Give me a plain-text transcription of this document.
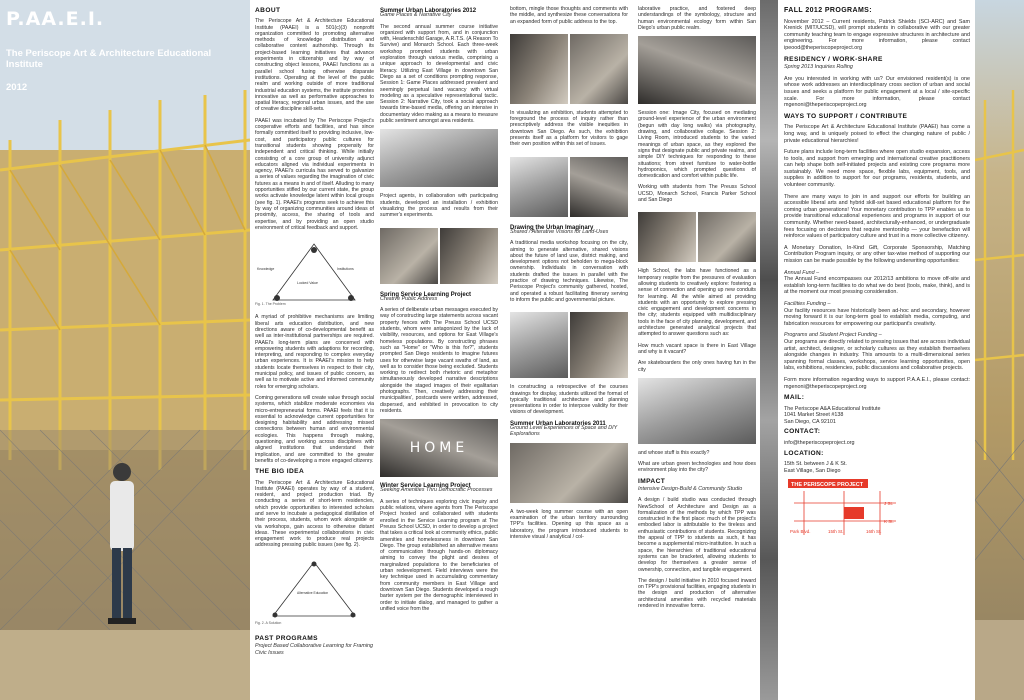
P.AA.E.I.
The Periscope Art & Architecture Educational Institute
2012
ABOUT

The Periscope Art & Architecture Educational Institute (PAAEI) is a 501(c)(3) nonprofit organization committed to promoting alternative methods of knowledge distribution and collaborative content authorship. Through its project-based learning initiatives that advance experiments in citizenship and by way of constructing object lessons, PAAEI functions as a parallel school fusing otherwise disparate institutions. Operating at the level of the public realm and working outside of more traditional industrial education systems, the institute promotes innovative as well as performative approaches to spatial literacy, regional urban issues, and the use of creative discipline skill-sets.

PAAEI was incubated by The Periscope Project's cooperative efforts and facilities, and has since formally committed itself to providing inclusive, low-cost, and participatory public cultures for transitional students showing propensity for independent and critical thinking. While initially consisting of a core group of university adjunct educators aligned via individual experiments in agency, PAAEI's curricula has served to galvanize a series of values regarding the imagination of civic futures as a means in and of itself. Alluding to many opportunities stifled by our current state, the group works activate knowledge latent within local groups (see fig. 1). PAAEI's programs seek to achieve this by way of organizing communities around ideas of proximity, access, the sharing of tools and expertise, and by providing an open studio environment of critical feedback and support.

Knowledge	Institutions
Locked Value
Fig. 1. The Problem

A myriad of prohibitive mechanisms are limiting liberal arts education distribution, and new directions aware of co-developmental benefit as well as inter-institutional partnerships are required. PAAEI's long-term plans are concerned with empowering students with adaptions for recording, interpreting, and responding to complex everyday urban experiences. It is PAAEI's mission to help students locate themselves in respect to their city, municipal policy, and issues of public concern, as well as to motivate active and informed community roles for emerging scholars.

Coming generations will create value through social systems, which stabilize moderate economies via micro-entrepreneurial forms. PAAEI feels that it is essential to acknowledge current opportunities for designing habitability and addressing missed connections between human and environmental ecologies. This happens through making, questioning, and working across disciplines with aligned institutions that understand their implication, and are committed to the greater benefits of co-developing a more engaged citizenry.

THE BIG IDEA

The Periscope Art & Architecture Educational Institute (PAAEI) operates by way of a student, resident, and project production triad. By conducting a series of short-term residencies, which provide opportunities to interested scholars and serve to incubate a pedagogical distillation of their process, students, whom work alongside or via workshops, gain access to otherwise distant ideas. These experimental collaborations in civic engagement work to produce real projects addressing pressing public issues (see fig. 2).

Alternative Education
Fig. 2. A Solution
PAST PROGRAMS
Project Based Collaborative Learning for Framing Civic Issues
Summer Urban Laboratories 2012
Game Places & Narrative City

The second annual summer course initiative organized with support from, and in conjunction with, Headenschild Garage, A.R.T.S. (A Reason To Survive) and Monarch School. Each three-week workshop prompted students with urban exploration through various media, comprising a unique approach to developmental and civic literacy. Utilizing East Village in downtown San Diego as a set of conditions prompting response, Session 1: Game Places addressed prevalent and seemingly perpetual land vacancy with virtual modeling as a speculative representational tactic. Session 2: Narrative City, took a social approach towards time-based media, offering an intensive in documentary video making as a means to measure public sentiment amongst area residents.

Project agents, in collaboration with participating students, developed an installation / exhibition visualizing the process and results from their summer's experiments.

Spring Service Learning Project
Creative Public Address

A series of deliberate urban messages executed by way of constructing large statements across vacant property fences with The Preuss School UCSD students, whom were antagonized by the lack of visibility, resources, and options for East Village's homeless populations. By constructing phrases such as "Home" or "Who is this for?", students prompted San Diego residents to imagine futures uses for otherwise large vacant swaths of land, as well as to consider those being excluded. Students working to redirect both rhetoric and metaphor simultaneously developed narrative descriptions alongside the staged images of their egalitarian photographs. Then, creatively addressing their municipalities', postcards were written, addressed, dispersed, and exhibited in provocation to city residents.

HOME
Winter Service Learning Project
Seeking Amenities Thru Democratic Processes

A series of techniques exploring civic inquiry and public relations, where agents from The Periscope Project hosted and collaborated with students enrolled in the Service Learning program at The Preuss School UCSD, in order to develop a project that takes a critical look at community ethics, public amenities and homelessness in downtown San Diego. The group established an alternative means of communication through hands-on diplomacy aiming to convey the plight and desires of marginalized populations to the beneficiaries of urban redevelopment. Field interviews were the key technique used in accumulating commentary from community members in East Village and downtown San Diego. Students developed a rough barter system per the demographic interviewed in order to initiate dialog, and managed to gather a unified voice from the

bottom, mingle those thoughts and comments with the middle, and synthesize these conversations for an expanded form of public address to the top.

In visualizing an exhibition, students attempted to foreground the process of inquiry rather than prescriptively address the visible inequities in downtown San Diego. As such, the exhibition presents itself as a platform for visitors to gage their own position within this set of issues.

Drawing the Urban Imaginary
Shared / Alterative Visions for Land-Uses

A traditional media workshop focusing on the city, aiming to generate alternative, shared visions about the future of land use, district making, and development options not beholden to mega-block ownership. Individuals in conversation with students drafted the issues in parallel with the practice of drawing techniques. Likewise, The Periscope Project's community gathered, hosted, and operated a robust facilitating itinerary serving to inform the public and governmental picture.

In constructing a retrospective of the courses drawings for display, students utilized the format of typically traditional architecture and planning presentations in order to interpose validity for their visions of development.

Summer Urban Laboratories 2011
Ground Level Experiences of Space and DIY Explorations

A two-week long summer course with an open examination of the urban territory surrounding TPP's facilities. Opening up this space as a laboratory, the program introduced students to intensive visual / analytical / col-

laborative practice, and fostered deep understandings of the symbology, structure and human environmental ecology form within San Diego's urban public realm.

Session one: Image City, focused on mediating ground-level experience of the urban environment (begun with day long walks) via photography, drawing, and collaborative collage. Session 2: Living Room, introduced students to the varied meanings of urban space, as they explored the signs that designate public and private realms, and simple DIY techniques for responding to these situations; from street furniture to water-bottle hydroponics, which prompted questions of domestication and comfort within public life.

Working with students from The Preuss School UCSD, Monarch School, Francis Parker School and San Diego

High School, the labs have functioned as a temporary respite from the pressures of evaluation allowing students to creatively explore: fostering a sense of connection and opening up new conduits for learning. All the while aimed at providing students with an opportunity to explore pressing civic engagement and development concerns in the city; students equipped with multidisciplinary tools in the face of city planning, development, and architecture generated analytical projects that attempted to answer questions such as:

How much vacant space is there in East Village and why is it vacant?

Are skateboarders the only ones having fun in the city

and whose stuff is this exactly?

What are urban green technologies and how does environment play into the city?

IMPACT
Intensive Design-Build & Community Studio

A design / build studio was conducted through NewSchool of Architecture and Design as a formalization of the methods by which TPP was constructed in the first place: much of the project's embodied labor is attributable to the tireless and enthusiastic contributions of students. Recognizing the appeal of TPP to students as such, it has become a supplemental micro-institution. In such a space, the hierarchies of traditional educational systems can be bracketed, allowing students to develop for themselves a greater sense of ownership, connection, and tangible engagement.

The design / build initiative in 2010 focused inward on TPP's provisional facilities, engaging students in the design and production of alternative architectural amenities with recycled materials rendered in innovative forms.

FALL 2012 PROGRAMS:

November 2012 – Current residents, Patrick Shields (SCI-ARC) and Sam Krenick (MIT/UCSD), will prompt students in collaborative with our greater community teaching team to engage expressive structures in architecture and engineering. For more information, please contact ipeood@theperiscopeproject.org

RESIDENCY / WORK-SHARE
Spring 2013 Inquiries Rolling

Are you interested in working with us? Our envisioned resident(s) is one whose work addresses an interdisciplinary cross section of urban and social issues and seeks a platform for public engagement at a local / site-specific scale. For more information, please contact mgenoni@theperiscopeproject.org

WAYS TO SUPPORT / CONTRIBUTE

The Periscope Art & Architecture Educational Institute (PAAEI) has come a long way, and is uniquely poised to effect the changing nature of public / private educational hierarchies!

Future plans include long-term facilities where open studio expansion, access to tools, and support from emerging and international creative practitioners can help shape both self-initiated projects and existing core programs more sustainably. We need more space, flexible labs, equipment, tools, and supplies in addition to support for our programs, residents, students, and volunteer community.

There are many ways to join in and support our efforts for building an accessible liberal arts and hybrid skill-set based educational platform for the coming urban generations! Your monetary contribution to TPP enables us to provide transitional educational experiences and programs in support of our community. Whether need-based, architecturally-enhanced, or undergraduate fees focusing on decisions that require mentorship — your benefaction will reinforce values of participatory culture and trust in a more collective citizenry.

A Monetary Donation, In-Kind Gift, Corporate Sponsorship, Matching Contribution Program inquiry, or any other tax-wise method of supporting our mission can be made possible by the following underwriting opportunities:

Annual Fund –

The Annual Fund encompasses our 2012/13 ambitions to move off-site and establish long-term facilities to do what we do best (tools, make, think), and is at the moment our most pressing consideration.

Facilities Funding –

Our facility resources have historically been ad-hoc and secondary, however moving forward it is our long-term goal to establish media, computing, and fabrication resources for empowering our participant's creativity.

Programs and Student Project Funding –

Our programs are directly related to pressing issues that are across individual artist, architect, designer, or scholarly cultures as they establish themselves alongside changes in industry. This amounts to a multi-dimensional series spanning formal classes, workshops, service learning opportunities, open labs, exhibitions, residencies, public discussions and collaborative projects.

Form more information regarding ways to support P.A.A.E.I., please contact: mgenoni@theperiscopeproject.org

MAIL:
The Periscope A&A Educational Institute
1041 Market Street #138
San Diego, CA 92101
CONTACT:
info@theperiscopeproject.org
LOCATION:
15th St. between J & K St.
East Village, San Diego
THE PERISCOPE PROJECT
J St.
K St.
Park Blvd.	15th St.	16th St.
